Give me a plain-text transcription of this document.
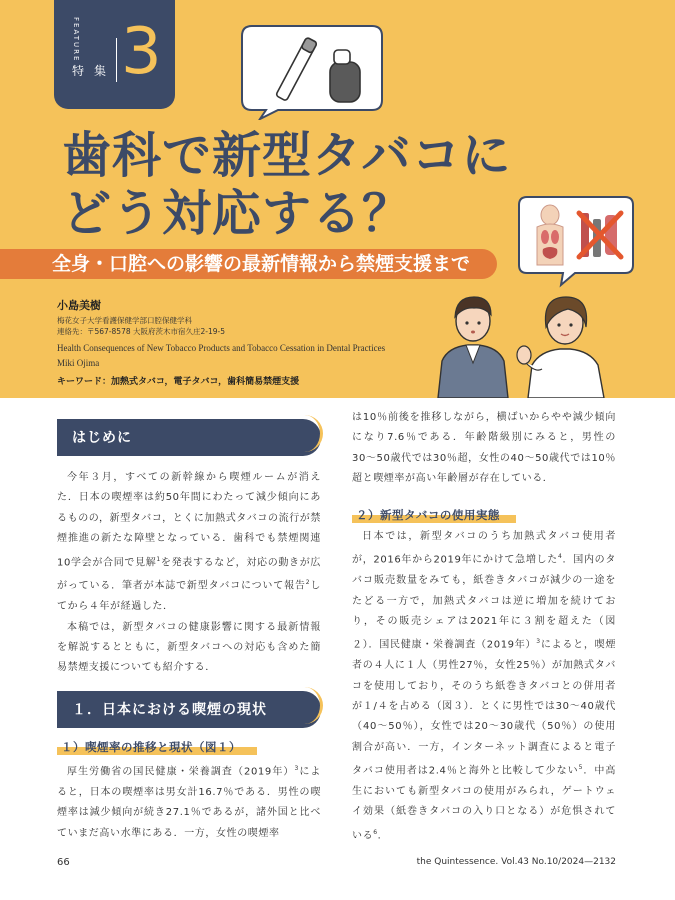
FEATURE
特集 3
歯科で新型タバコに
どう対応する？
全身・口腔への影響の最新情報から禁煙支援まで
小島美樹
梅花女子大学看護保健学部口腔保健学科
連絡先：〒567‐8578 大阪府茨木市宿久庄2‐19‐5
Health Consequences of New Tobacco Products and Tobacco Cessation in Dental Practices
Miki Ojima
キーワード：加熱式タバコ，電子タバコ，歯科簡易禁煙支援
はじめに

今年３月，すべての新幹線から喫煙ルームが消えた．日本の喫煙率は約50年間にわたって減少傾向にあるものの，新型タバコ，とくに加熱式タバコの流行が禁煙推進の新たな障壁となっている．歯科でも禁煙関連10学会が合同で見解$^1$を発表するなど，対応の動きが広がっている．筆者が本誌で新型タバコについて報告$^2$してから４年が経過した．

本稿では，新型タバコの健康影響に関する最新情報を解説するとともに，新型タバコへの対応も含めた簡易禁煙支援についても紹介する．

１．日本における喫煙の現状
１）喫煙率の推移と現状（図１）

厚生労働省の国民健康・栄養調査（2019年）$^3$によると，日本の喫煙率は男女計16.7％である．男性の喫煙率は減少傾向が続き27.1％であるが，諸外国と比べていまだ高い水準にある．一方，女性の喫煙率

は10％前後を推移しながら，横ばいからやや減少傾向になり7.6％である．年齢階級別にみると，男性の30〜50歳代では30％超，女性の40〜50歳代では10％超と喫煙率が高い年齢層が存在している．

２）新型タバコの使用実態

日本では，新型タバコのうち加熱式タバコ使用者が，2016年から2019年にかけて急増した$^4$．国内のタバコ販売数量をみても，紙巻きタバコが減少の一途をたどる一方で，加熱式タバコは逆に増加を続けており，その販売シェアは2021年に３割を超えた（図２）．国民健康・栄養調査（2019年）$^3$によると，喫煙者の４人に１人（男性27％，女性25％）が加熱式タバコを使用しており，そのうち紙巻きタバコとの併用者が１/４を占める（図３）．とくに男性では30〜40歳代（40〜50％），女性では20〜30歳代（50％）の使用割合が高い．一方，インターネット調査によると電子タバコ使用者は2.4％と海外と比較して少ない$^5$．中高生においても新型タバコの使用がみられ，ゲートウェイ効果（紙巻きタバコの入り口となる）が危惧されている$^6$．

66	the Quintessence. Vol.43 No.10/2024—2132
